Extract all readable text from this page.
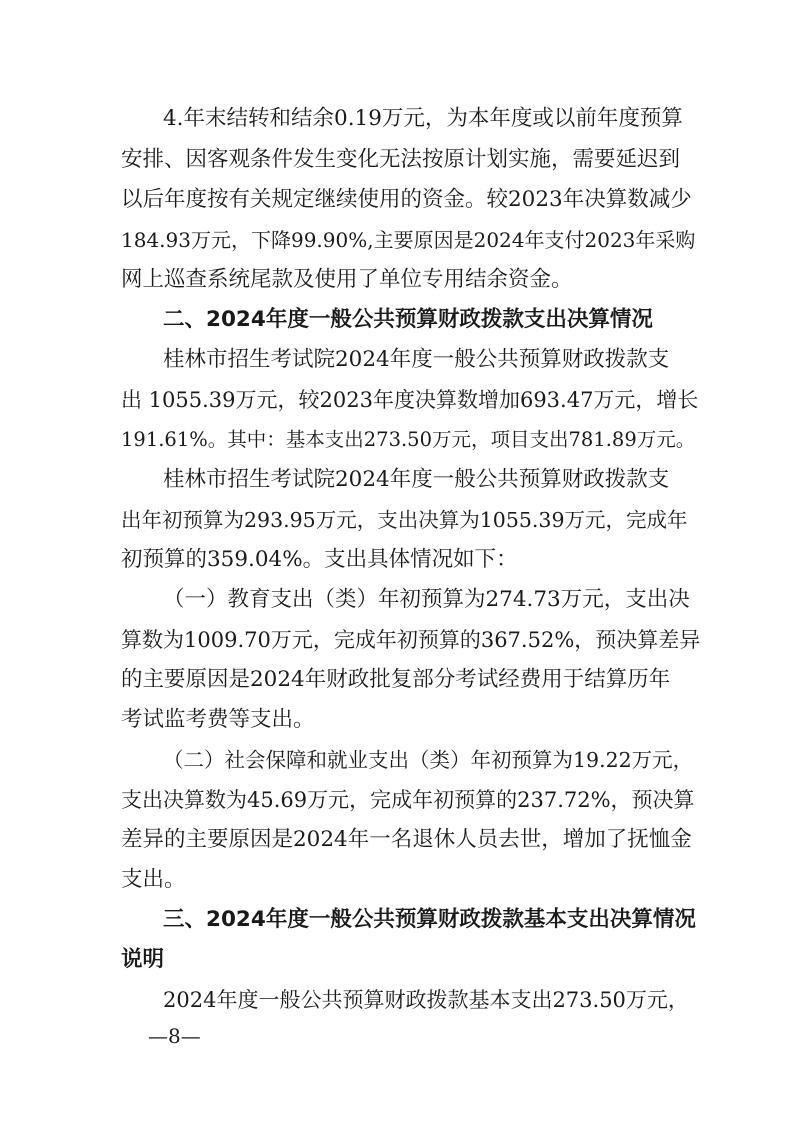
4.年末结转和结余0.19万元，为本年度或以前年度预算
安排、因客观条件发生变化无法按原计划实施，需要延迟到
以后年度按有关规定继续使用的资金。较2023年决算数减少
184.93万元，下降99.90%,主要原因是2024年支付2023年采购
网上巡查系统尾款及使用了单位专用结余资金。
二、2024年度一般公共预算财政拨款支出决算情况
桂林市招生考试院2024年度一般公共预算财政拨款支
出 1055.39万元，较2023年度决算数增加693.47万元，增长
191.61%。其中：基本支出273.50万元，项目支出781.89万元。
桂林市招生考试院2024年度一般公共预算财政拨款支
出年初预算为293.95万元，支出决算为1055.39万元，完成年
初预算的359.04%。支出具体情况如下：
（一）教育支出（类）年初预算为274.73万元，支出决
算数为1009.70万元，完成年初预算的367.52%，预决算差异
的主要原因是2024年财政批复部分考试经费用于结算历年
考试监考费等支出。
（二）社会保障和就业支出（类）年初预算为19.22万元，
支出决算数为45.69万元，完成年初预算的237.72%，预决算
差异的主要原因是2024年一名退休人员去世，增加了抚恤金
支出。
三、2024年度一般公共预算财政拨款基本支出决算情况
说明
2024年度一般公共预算财政拨款基本支出273.50万元，
—8—
